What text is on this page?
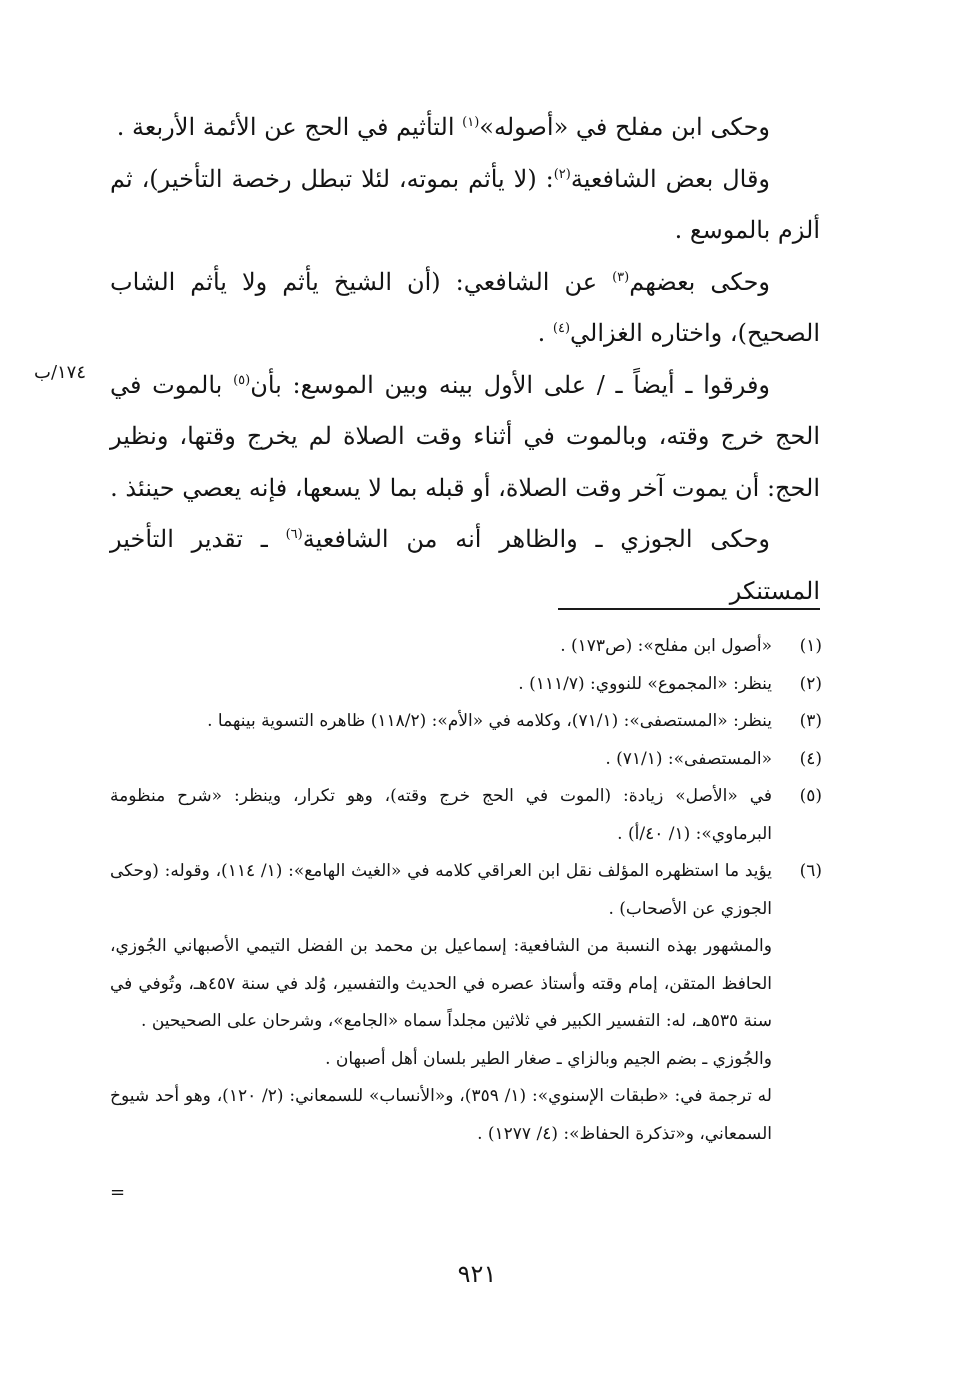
وحكى ابن مفلح في «أصوله»$^{(١)}$ التأثيم في الحج عن الأئمة الأربعة .

وقال بعض الشافعية$^{(٢)}$: (لا يأثم بموته، لئلا تبطل رخصة التأخير)، ثم ألزم بالموسع .

وحكى بعضهم$^{(٣)}$ عن الشافعي: (أن الشيخ يأثم ولا يأثم الشاب الصحيح)، واختاره الغزالي$^{(٤)}$ .

وفرقوا ـ أيضاً ـ / على الأول بينه وبين الموسع: بأن$^{(٥)}$ بالموت في الحج خرج وقته، وبالموت في أثناء وقت الصلاة لم يخرج وقتها، ونظير الحج: أن يموت آخر وقت الصلاة، أو قبله بما لا يسعها، فإنه يعصي حينئذ .

وحكى الجوزي ـ والظاهر أنه من الشافعية$^{(٦)}$ ـ تقدير التأخير المستنكر

١٧٤/ب
(١)
«أصول ابن مفلح»: (ص١٧٣) .
(٢)
ينظر: «المجموع» للنووي: (١١١/٧) .
(٣)
ينظر: «المستصفى»: (٧١/١)، وكلامه في «الأم»: (١١٨/٢) ظاهره التسوية بينهما .
(٤)
«المستصفى»: (٧١/١) .
(٥)
في «الأصل» زيادة: (الموت في الحج خرج وقته)، وهو تكرار، وينظر: «شرح منظومة البرماوي»: (١/ ٤٠/أ) .
(٦)
يؤيد ما استظهره المؤلف نقل ابن العراقي كلامه في «الغيث الهامع»: (١/ ١١٤)، وقوله: (وحكى الجوزي عن الأصحاب) .
والمشهور بهذه النسبة من الشافعية: إسماعيل بن محمد بن الفضل التيمي الأصبهاني الجُوزي، الحافظ المتقن، إمام وقته وأستاذ عصره في الحديث والتفسير، وُلد في سنة ٤٥٧هـ، وتُوفي في سنة ٥٣٥هـ، له: التفسير الكبير في ثلاثين مجلداً سماه «الجامع»، وشرحان على الصحيحين .
والجُوزي ـ بضم الجيم وبالزاي ـ صغار الطير بلسان أهل أصبهان .
له ترجمة في: «طبقات الإسنوي»: (١/ ٣٥٩)، و«الأنساب» للسمعاني: (٢/ ١٢٠)، وهو أحد شيوخ السمعاني، و«تذكرة الحفاظ»: (٤/ ١٢٧٧) .
=
٩٢١
